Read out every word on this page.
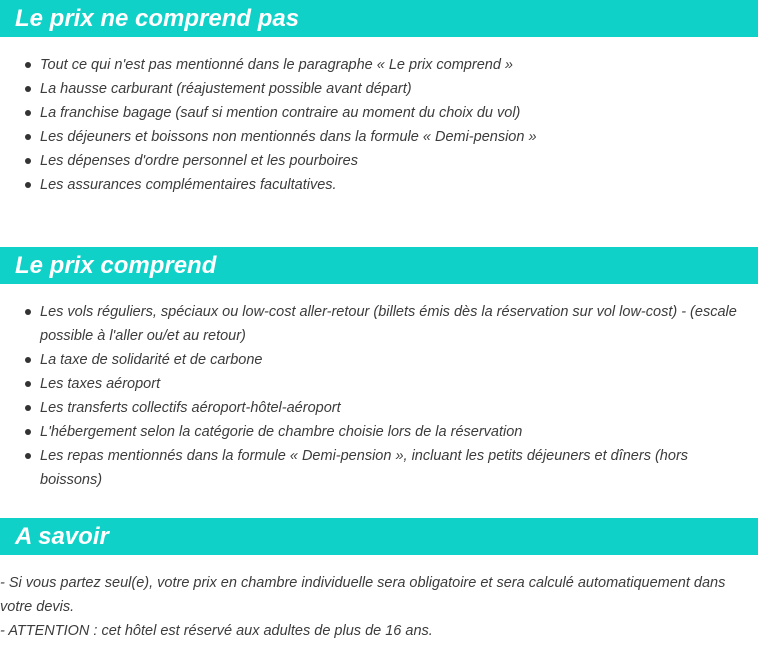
Le prix ne comprend pas
Tout ce qui n'est pas mentionné dans le paragraphe « Le prix comprend »
La hausse carburant (réajustement possible avant départ)
La franchise bagage (sauf si mention contraire au moment du choix du vol)
Les déjeuners et boissons non mentionnés dans la formule « Demi-pension »
Les dépenses d'ordre personnel et les pourboires
Les assurances complémentaires facultatives.
Le prix comprend
Les vols réguliers, spéciaux ou low-cost aller-retour (billets émis dès la réservation sur vol low-cost) - (escale possible à l'aller ou/et au retour)
La taxe de solidarité et de carbone
Les taxes aéroport
Les transferts collectifs aéroport-hôtel-aéroport
L'hébergement selon la catégorie de chambre choisie lors de la réservation
Les repas mentionnés dans la formule « Demi-pension », incluant les petits déjeuners et dîners (hors boissons)
A savoir

- Si vous partez seul(e), votre prix en chambre individuelle sera obligatoire et sera calculé automatiquement dans votre devis.

- ATTENTION : cet hôtel est réservé aux adultes de plus de 16 ans.
